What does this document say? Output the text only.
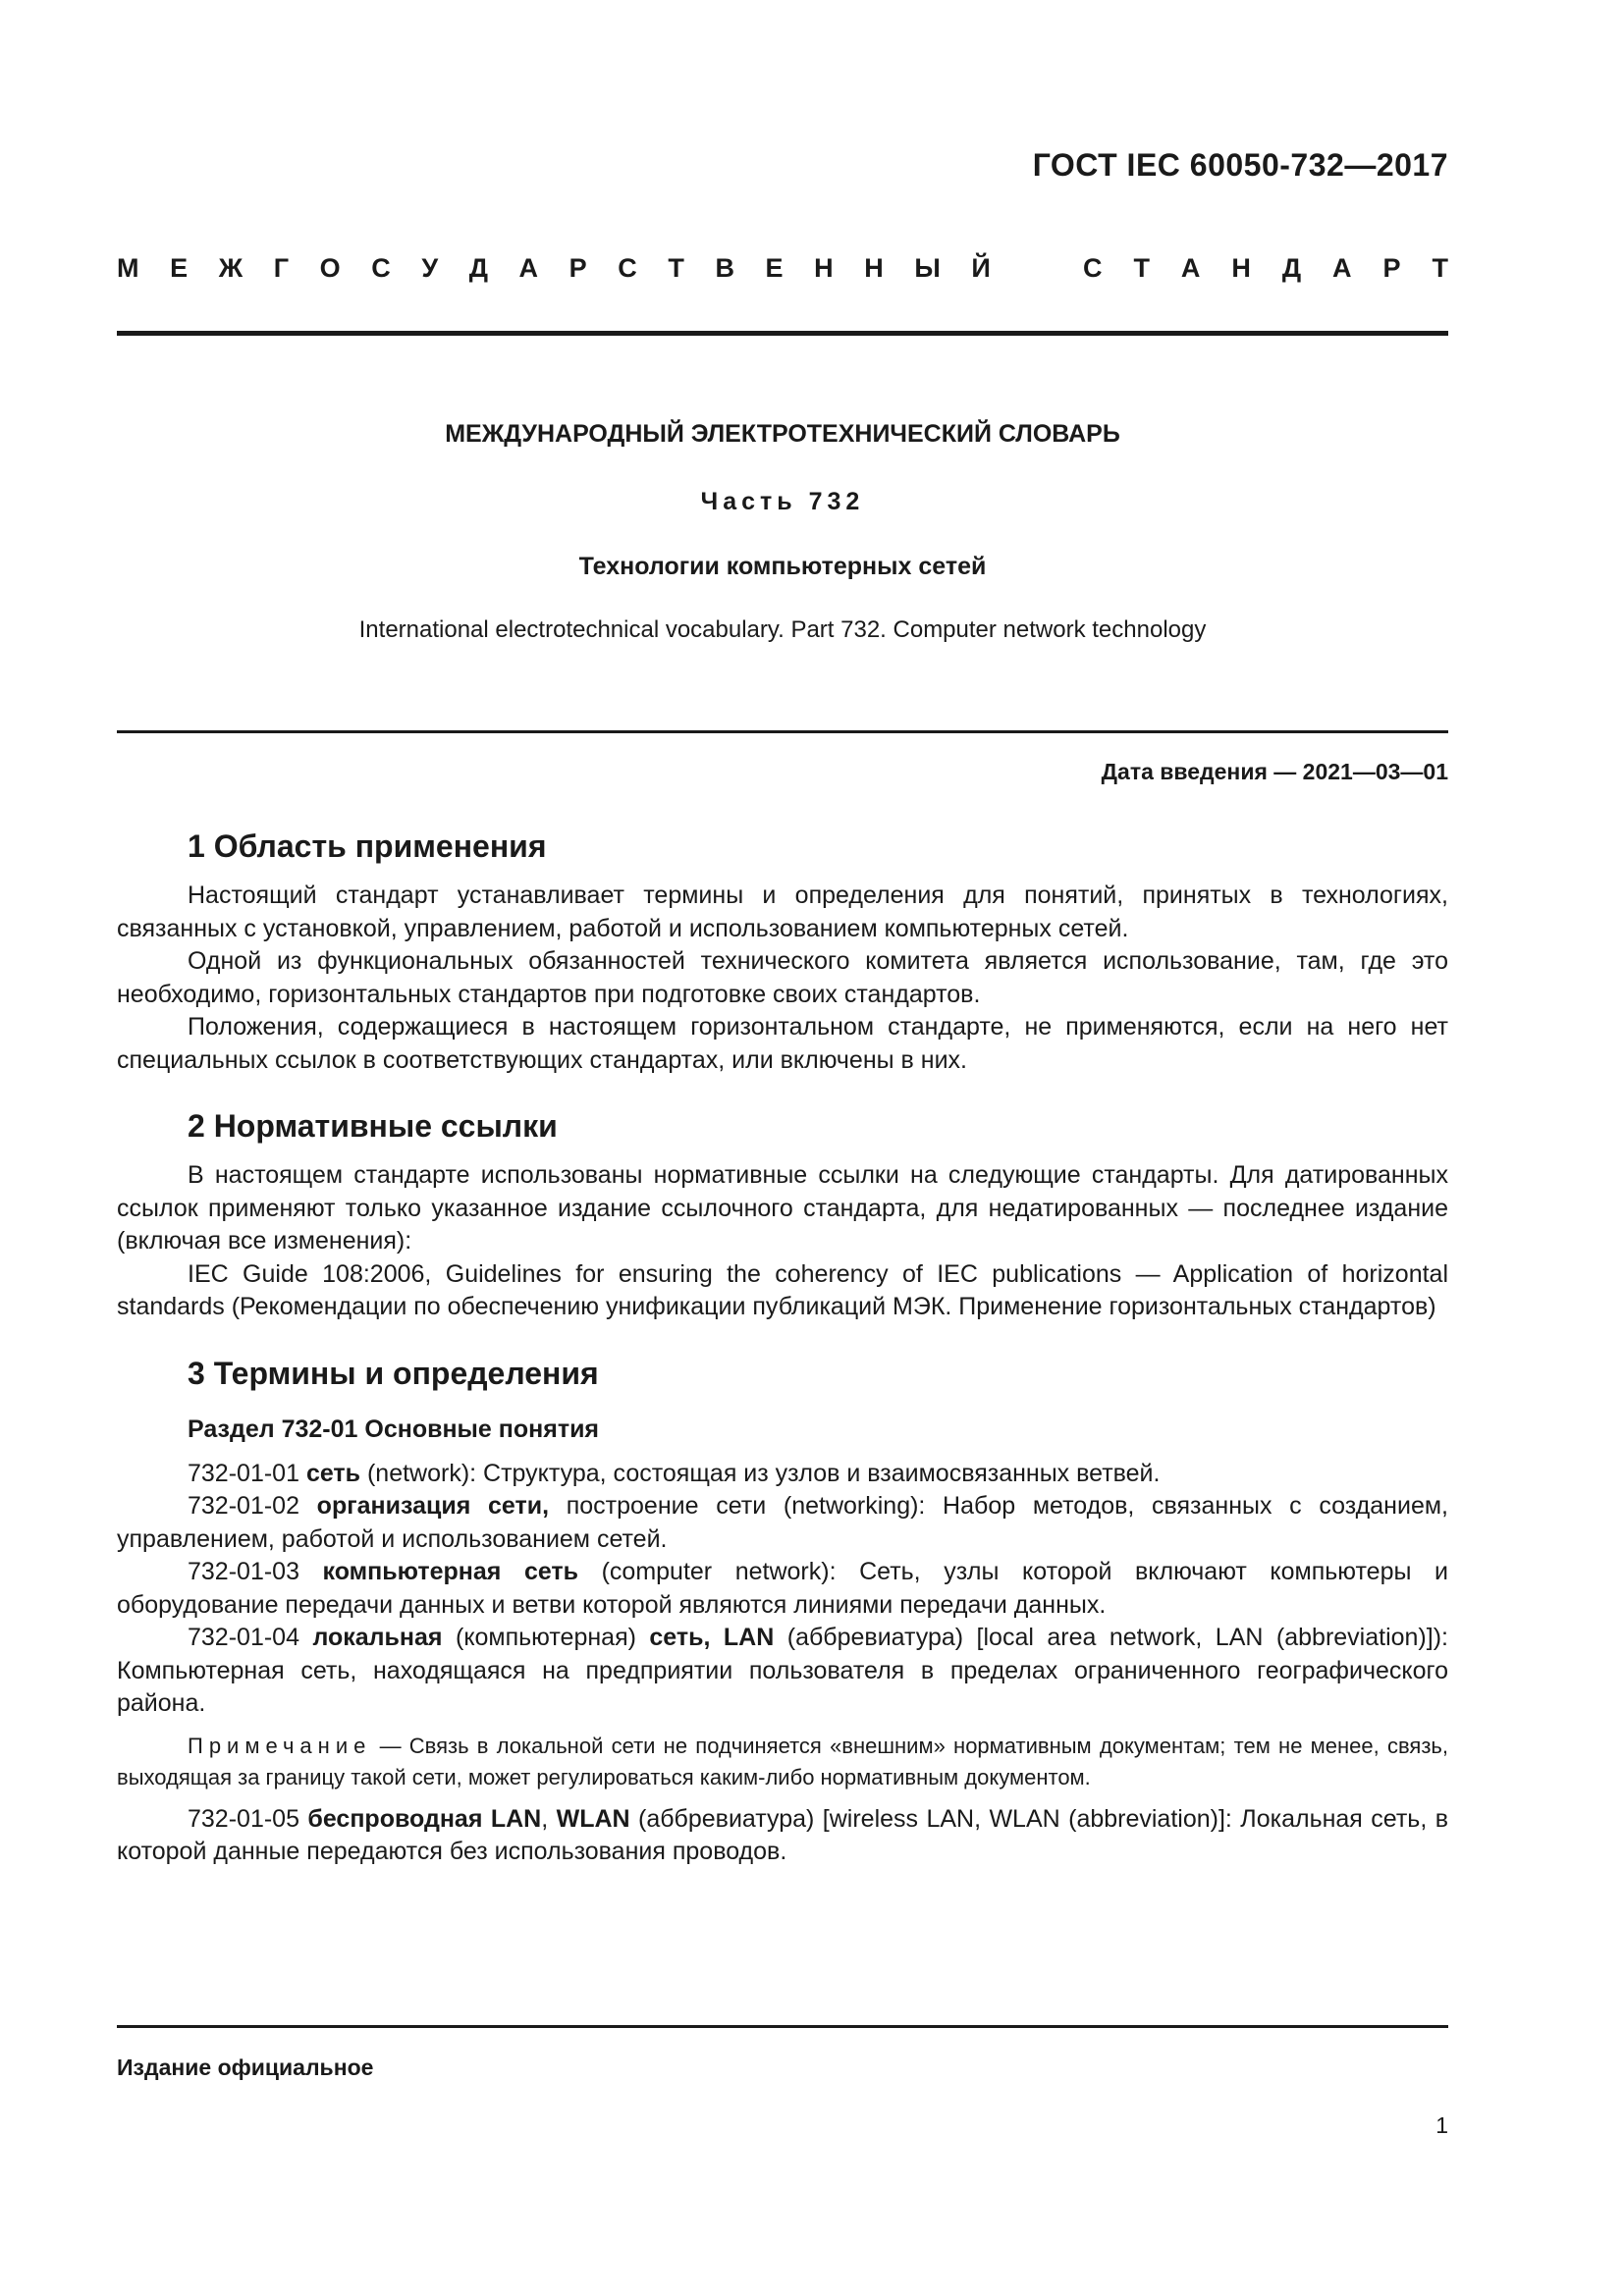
ГОСТ IEC 60050-732—2017
М Е Ж Г О С У Д А Р С Т В Е Н Н Ы Й	С Т А Н Д А Р Т
МЕЖДУНАРОДНЫЙ ЭЛЕКТРОТЕХНИЧЕСКИЙ СЛОВАРЬ
Часть 732
Технологии компьютерных сетей
International electrotechnical vocabulary. Part 732. Computer network technology
Дата введения — 2021—03—01
1 Область применения

Настоящий стандарт устанавливает термины и определения для понятий, принятых в технологиях, связанных с установкой, управлением, работой и использованием компьютерных сетей.

Одной из функциональных обязанностей технического комитета является использование, там, где это необходимо, горизонтальных стандартов при подготовке своих стандартов.

Положения, содержащиеся в настоящем горизонтальном стандарте, не применяются, если на него нет специальных ссылок в соответствующих стандартах, или включены в них.

2 Нормативные ссылки

В настоящем стандарте использованы нормативные ссылки на следующие стандарты. Для датированных ссылок применяют только указанное издание ссылочного стандарта, для недатированных — последнее издание (включая все изменения):

IEC Guide 108:2006, Guidelines for ensuring the coherency of IEC publications — Application of horizontal standards (Рекомендации по обеспечению унификации публикаций МЭК. Применение горизонтальных стандартов)

3 Термины и определения

Раздел 732-01 Основные понятия

732-01-01 сеть (network): Структура, состоящая из узлов и взаимосвязанных ветвей.

732-01-02 организация сети, построение сети (networking): Набор методов, связанных с созданием, управлением, работой и использованием сетей.

732-01-03 компьютерная сеть (computer network): Сеть, узлы которой включают компьютеры и оборудование передачи данных и ветви которой являются линиями передачи данных.

732-01-04 локальная (компьютерная) сеть, LAN (аббревиатура) [local area network, LAN (abbreviation)]): Компьютерная сеть, находящаяся на предприятии пользователя в пределах ограниченного географического района.

Примечание — Связь в локальной сети не подчиняется «внешним» нормативным документам; тем не менее, связь, выходящая за границу такой сети, может регулироваться каким-либо нормативным документом.

732-01-05 беспроводная LAN, WLAN (аббревиатура) [wireless LAN, WLAN (abbreviation)]: Локальная сеть, в которой данные передаются без использования проводов.

Издание официальное
1
